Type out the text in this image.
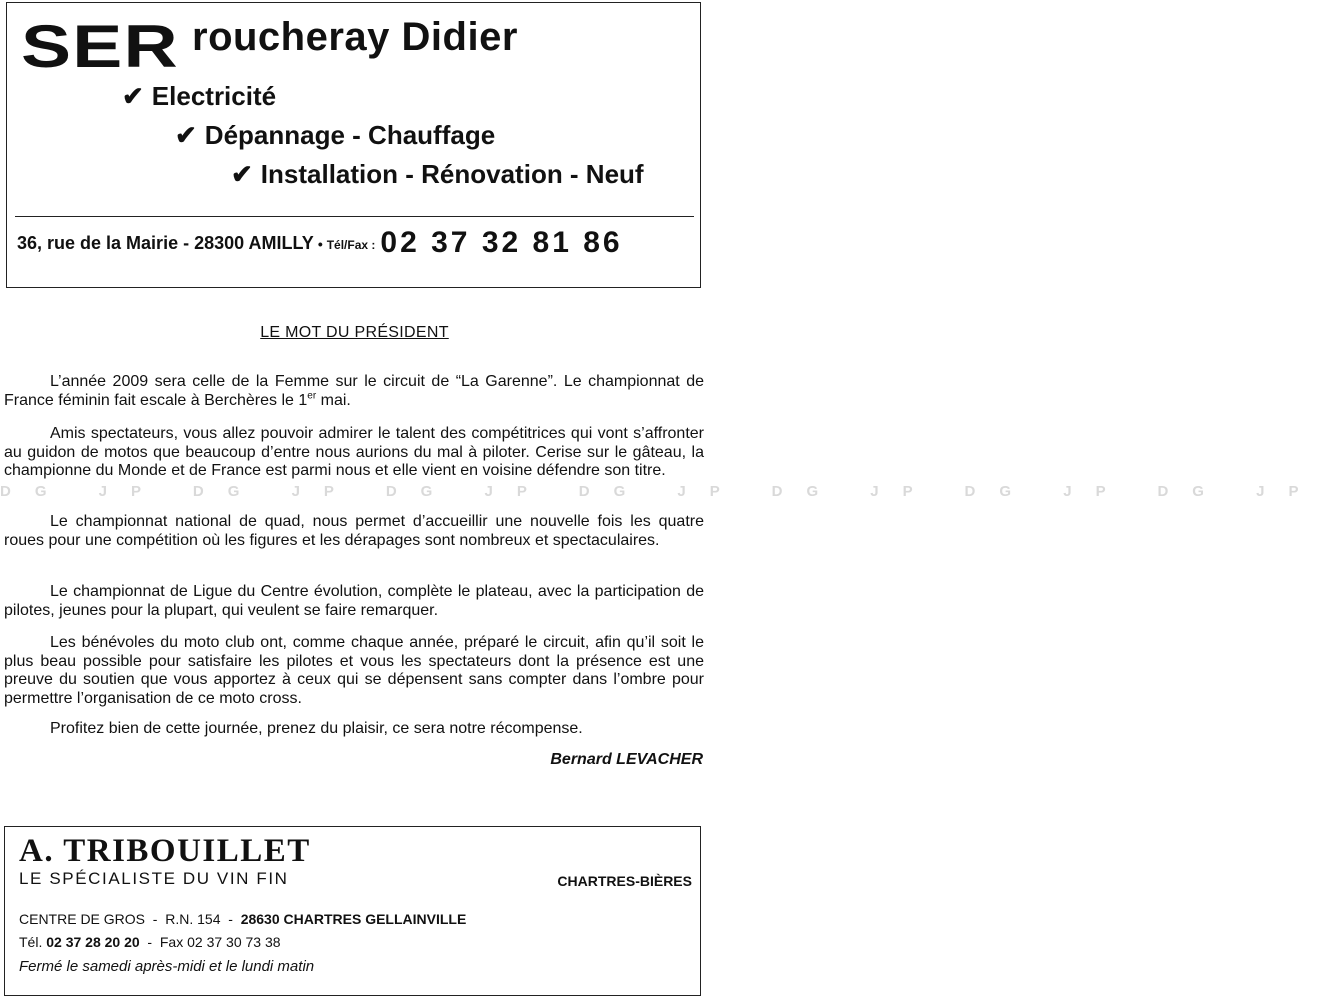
SER roucheray Didier
✔ Electricité
✔ Dépannage - Chauffage
✔ Installation - Rénovation - Neuf
36, rue de la Mairie - 28300 AMILLY • Tél/Fax : 02 37 32 81 86
DG JP DG JP DG JP DG JP DG JP DG JP DG JP
LE MOT DU PRÉSIDENT

L’année 2009 sera celle de la Femme sur le circuit de “La Garenne”. Le championnat de France féminin fait escale à Berchères le 1er mai.

Amis spectateurs, vous allez pouvoir admirer le talent des compétitrices qui vont s’affronter au guidon de motos que beaucoup d’entre nous aurions du mal à piloter. Cerise sur le gâteau, la championne du Monde et de France est parmi nous et elle vient en voisine défendre son titre.

Le championnat national de quad, nous permet d’accueillir une nouvelle fois les quatre roues pour une compétition où les figures et les dérapages sont nombreux et spectaculaires.

Le championnat de Ligue du Centre évolution, complète le plateau, avec la participation de pilotes, jeunes pour la plupart, qui veulent se faire remarquer.

Les bénévoles du moto club ont, comme chaque année, préparé le circuit, afin qu’il soit le plus beau possible pour satisfaire les pilotes et vous les spectateurs dont la présence est une preuve du soutien que vous apportez à ceux qui se dépensent sans compter dans l’ombre pour permettre l’organisation de ce moto cross.

Profitez bien de cette journée, prenez du plaisir, ce sera notre récompense.

Bernard LEVACHER
A. TRIBOUILLET
LE SPÉCIALISTE DU VIN FIN	CHARTRES-BIÈRES
CENTRE DE GROS  -  R.N. 154  -  28630 CHARTRES GELLAINVILLE
Tél. 02 37 28 20 20  -  Fax 02 37 30 73 38
Fermé le samedi après-midi et le lundi matin
